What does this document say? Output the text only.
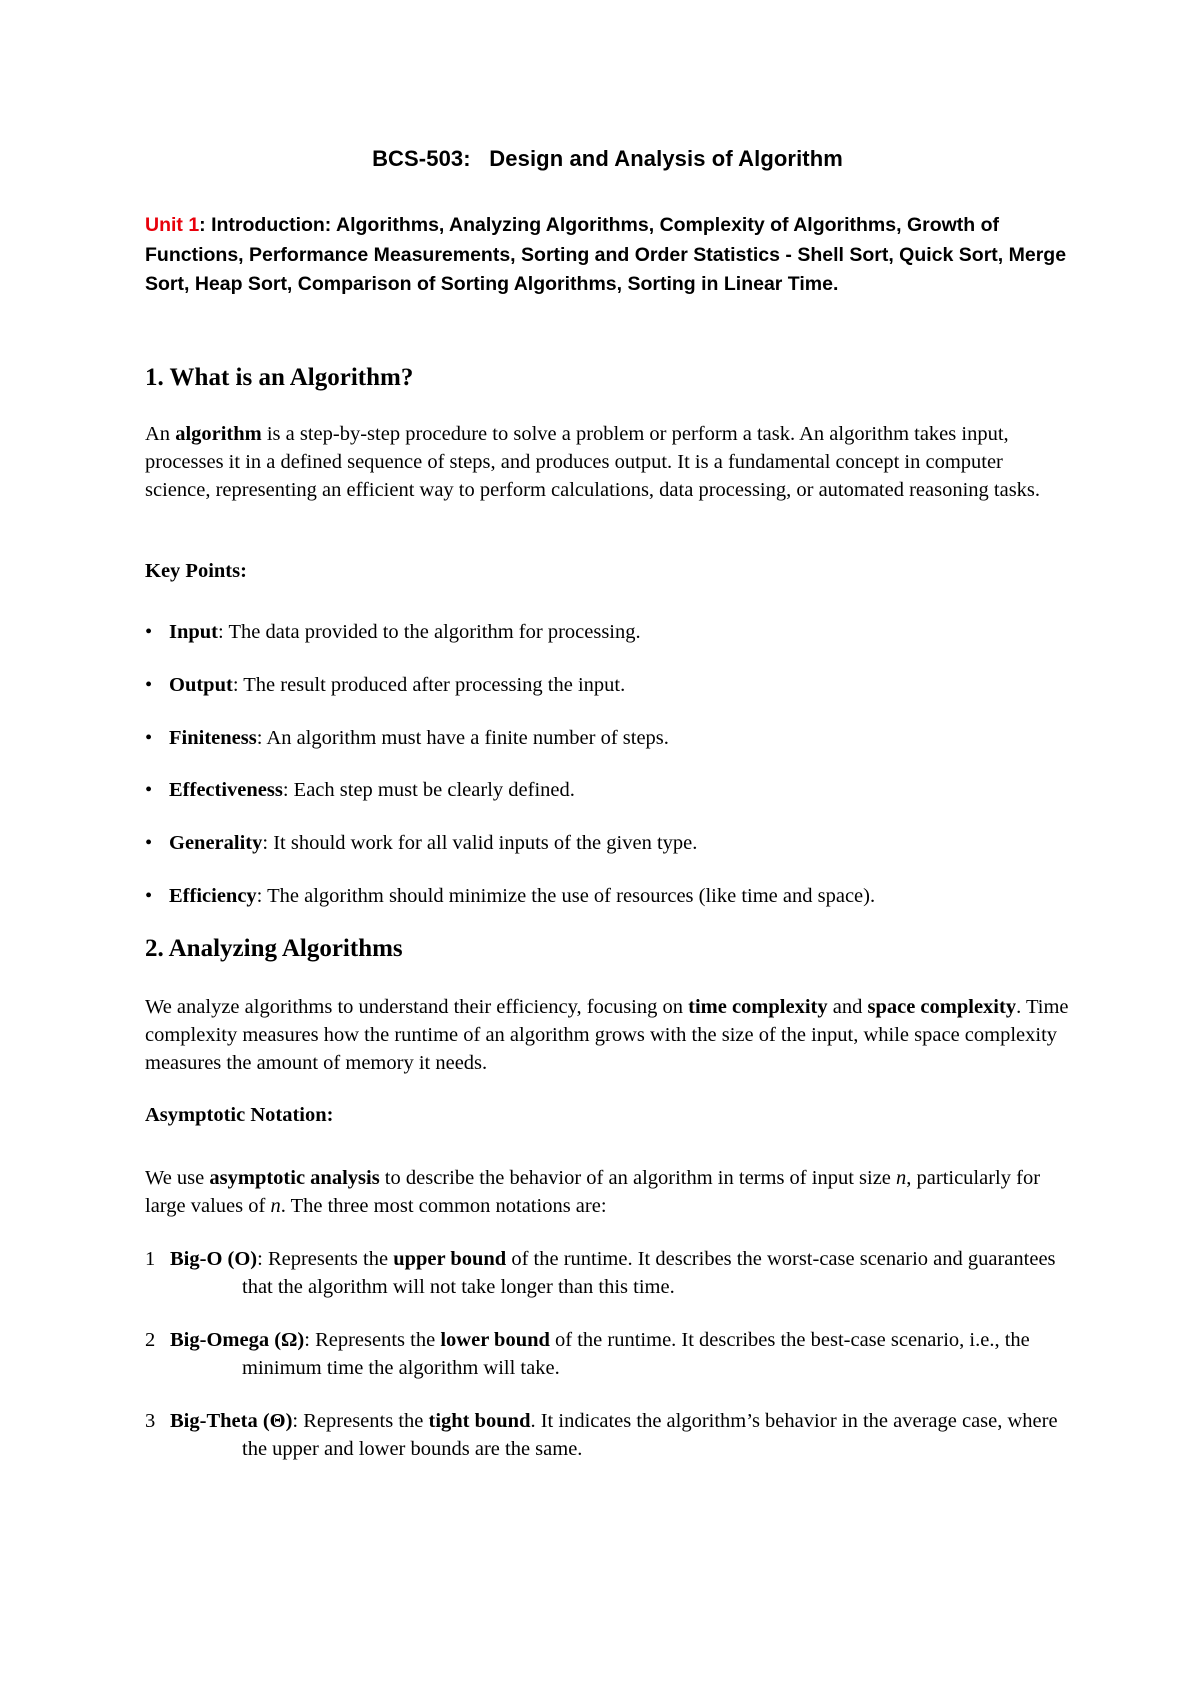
BCS-503:   Design and Analysis of Algorithm
Unit 1: Introduction: Algorithms, Analyzing Algorithms, Complexity of Algorithms, Growth of Functions, Performance Measurements, Sorting and Order Statistics - Shell Sort, Quick Sort, Merge Sort, Heap Sort, Comparison of Sorting Algorithms, Sorting in Linear Time.
1. What is an Algorithm?
An algorithm is a step-by-step procedure to solve a problem or perform a task. An algorithm takes input, processes it in a defined sequence of steps, and produces output. It is a fundamental concept in computer science, representing an efficient way to perform calculations, data processing, or automated reasoning tasks.
Key Points:
• Input: The data provided to the algorithm for processing.
• Output: The result produced after processing the input.
• Finiteness: An algorithm must have a finite number of steps.
• Effectiveness: Each step must be clearly defined.
• Generality: It should work for all valid inputs of the given type.
• Efficiency: The algorithm should minimize the use of resources (like time and space).
2. Analyzing Algorithms
We analyze algorithms to understand their efficiency, focusing on time complexity and space complexity. Time complexity measures how the runtime of an algorithm grows with the size of the input, while space complexity measures the amount of memory it needs.
Asymptotic Notation:
We use asymptotic analysis to describe the behavior of an algorithm in terms of input size n, particularly for large values of n. The three most common notations are:
1 Big-O (O): Represents the upper bound of the runtime. It describes the worst-case scenario and guarantees that the algorithm will not take longer than this time.
2 Big-Omega (Ω): Represents the lower bound of the runtime. It describes the best-case scenario, i.e., the minimum time the algorithm will take.
3 Big-Theta (Θ): Represents the tight bound. It indicates the algorithm’s behavior in the average case, where the upper and lower bounds are the same.
